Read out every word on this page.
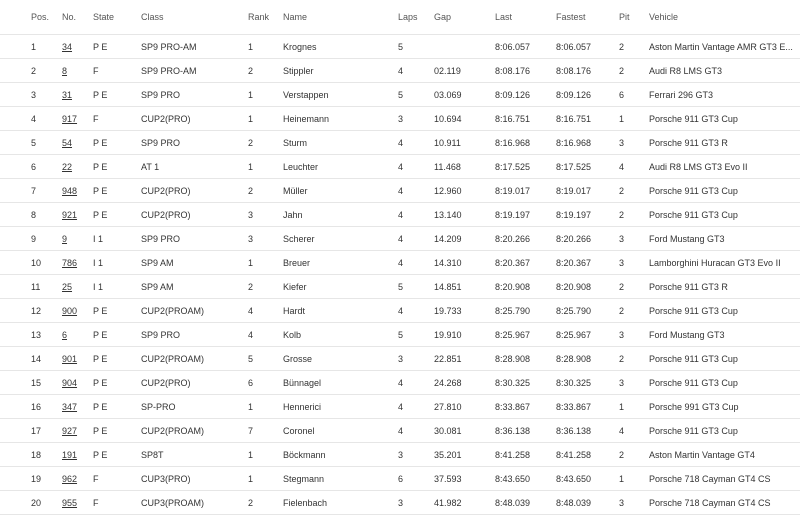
Pos.	No.	State	Class	Rank	Name	Laps	Gap	Last	Fastest	Pit	Vehicle
1	34	P E	SP9 PRO-AM	1	Krognes	5		8:06.057	8:06.057	2	Aston Martin Vantage AMR GT3 E...
2	8	F	SP9 PRO-AM	2	Stippler	4	02.119	8:08.176	8:08.176	2	Audi R8 LMS GT3
3	31	P E	SP9 PRO	1	Verstappen	5	03.069	8:09.126	8:09.126	6	Ferrari 296 GT3
4	917	F	CUP2(PRO)	1	Heinemann	3	10.694	8:16.751	8:16.751	1	Porsche 911 GT3 Cup
5	54	P E	SP9 PRO	2	Sturm	4	10.911	8:16.968	8:16.968	3	Porsche 911 GT3 R
6	22	P E	AT 1	1	Leuchter	4	11.468	8:17.525	8:17.525	4	Audi R8 LMS GT3 Evo II
7	948	P E	CUP2(PRO)	2	Müller	4	12.960	8:19.017	8:19.017	2	Porsche 911 GT3 Cup
8	921	P E	CUP2(PRO)	3	Jahn	4	13.140	8:19.197	8:19.197	2	Porsche 911 GT3 Cup
9	9	I 1	SP9 PRO	3	Scherer	4	14.209	8:20.266	8:20.266	3	Ford Mustang GT3
10	786	I 1	SP9 AM	1	Breuer	4	14.310	8:20.367	8:20.367	3	Lamborghini Huracan GT3 Evo II
11	25	I 1	SP9 AM	2	Kiefer	5	14.851	8:20.908	8:20.908	2	Porsche 911 GT3 R
12	900	P E	CUP2(PROAM)	4	Hardt	4	19.733	8:25.790	8:25.790	2	Porsche 911 GT3 Cup
13	6	P E	SP9 PRO	4	Kolb	5	19.910	8:25.967	8:25.967	3	Ford Mustang GT3
14	901	P E	CUP2(PROAM)	5	Grosse	3	22.851	8:28.908	8:28.908	2	Porsche 911 GT3 Cup
15	904	P E	CUP2(PRO)	6	Bünnagel	4	24.268	8:30.325	8:30.325	3	Porsche 911 GT3 Cup
16	347	P E	SP-PRO	1	Hennerici	4	27.810	8:33.867	8:33.867	1	Porsche 991 GT3 Cup
17	927	P E	CUP2(PROAM)	7	Coronel	4	30.081	8:36.138	8:36.138	4	Porsche 911 GT3 Cup
18	191	P E	SP8T	1	Böckmann	3	35.201	8:41.258	8:41.258	2	Aston Martin Vantage GT4
19	962	F	CUP3(PRO)	1	Stegmann	6	37.593	8:43.650	8:43.650	1	Porsche 718 Cayman GT4 CS
20	955	F	CUP3(PROAM)	2	Fielenbach	3	41.982	8:48.039	8:48.039	3	Porsche 718 Cayman GT4 CS
